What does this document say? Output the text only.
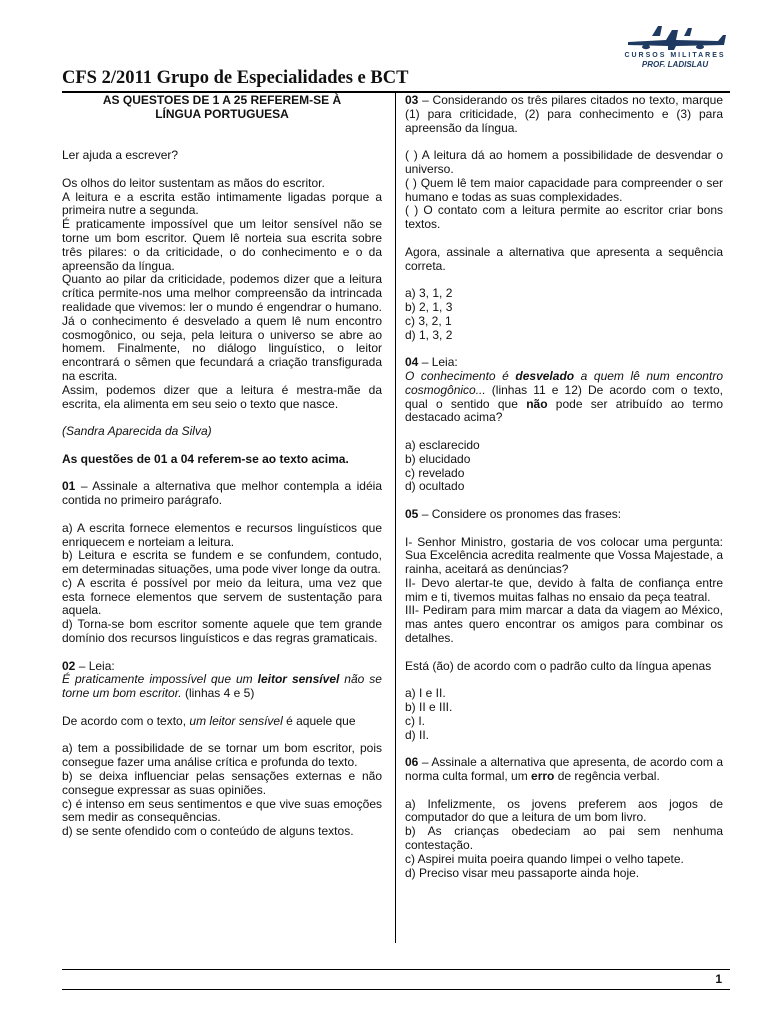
CURSOS MILITARES
PROF. LADISLAU
CFS 2/2011 Grupo de Especialidades e BCT

AS QUESTOES DE 1 A 25 REFEREM-SE À

LÍNGUA PORTUGUESA

Ler ajuda a escrever?

Os olhos do leitor sustentam as mãos do escritor.

A leitura e a escrita estão intimamente ligadas porque a primeira nutre a segunda.

É praticamente impossível que um leitor sensível não se torne um bom escritor. Quem lê norteia sua escrita sobre três pilares: o da criticidade, o do conhecimento e o da apreensão da língua.

Quanto ao pilar da criticidade, podemos dizer que a leitura crítica permite-nos uma melhor compreensão da intrincada realidade que vivemos: ler o mundo é engendrar o humano. Já o conhecimento é desvelado a quem lê num encontro cosmogônico, ou seja, pela leitura o universo se abre ao homem. Finalmente, no diálogo linguístico, o leitor encontrará o sêmen que fecundará a criação transfigurada na escrita.

Assim, podemos dizer que a leitura é mestra-mãe da escrita, ela alimenta em seu seio o texto que nasce.

(Sandra Aparecida da Silva)

As questões de 01 a 04 referem-se ao texto acima.

01 – Assinale a alternativa que melhor contempla a idéia contida no primeiro parágrafo.

a) A escrita fornece elementos e recursos linguísticos que enriquecem e norteiam a leitura.

b) Leitura e escrita se fundem e se confundem, contudo, em determinadas situações, uma pode viver longe da outra.

c) A escrita é possível por meio da leitura, uma vez que esta fornece elementos que servem de sustentação para aquela.

d) Torna-se bom escritor somente aquele que tem grande domínio dos recursos linguísticos e das regras gramaticais.

02 – Leia:

É praticamente impossível que um leitor sensível não se torne um bom escritor. (linhas 4 e 5)

De acordo com o texto, um leitor sensível é aquele que

a) tem a possibilidade de se tornar um bom escritor, pois consegue fazer uma análise crítica e profunda do texto.

b) se deixa influenciar pelas sensações externas e não consegue expressar as suas opiniões.

c) é intenso em seus sentimentos e que vive suas emoções sem medir as consequências.

d) se sente ofendido com o conteúdo de alguns textos.

03 – Considerando os três pilares citados no texto, marque (1) para criticidade, (2) para conhecimento e (3) para apreensão da língua.

( ) A leitura dá ao homem a possibilidade de desvendar o universo.

( ) Quem lê tem maior capacidade para compreender o ser humano e todas as suas complexidades.

( ) O contato com a leitura permite ao escritor criar bons textos.

Agora, assinale a alternativa que apresenta a sequência correta.

a) 3, 1, 2

b) 2, 1, 3

c) 3, 2, 1

d) 1, 3, 2

04 – Leia:

O conhecimento é desvelado a quem lê num encontro cosmogônico... (linhas 11 e 12) De acordo com o texto, qual o sentido que não pode ser atribuído ao termo destacado acima?

a) esclarecido

b) elucidado

c) revelado

d) ocultado

05 – Considere os pronomes das frases:

I- Senhor Ministro, gostaria de vos colocar uma pergunta: Sua Excelência acredita realmente que Vossa Majestade, a rainha, aceitará as denúncias?

II- Devo alertar-te que, devido à falta de confiança entre mim e ti, tivemos muitas falhas no ensaio da peça teatral.

III- Pediram para mim marcar a data da viagem ao México, mas antes quero encontrar os amigos para combinar os detalhes.

Está (ão) de acordo com o padrão culto da língua apenas

a) I e II.

b) II e III.

c) I.

d) II.

06 – Assinale a alternativa que apresenta, de acordo com a norma culta formal, um erro de regência verbal.

a) Infelizmente, os jovens preferem aos jogos de computador do que a leitura de um bom livro.

b) As crianças obedeciam ao pai sem nenhuma contestação.

c) Aspirei muita poeira quando limpei o velho tapete.

d) Preciso visar meu passaporte ainda hoje.

1
